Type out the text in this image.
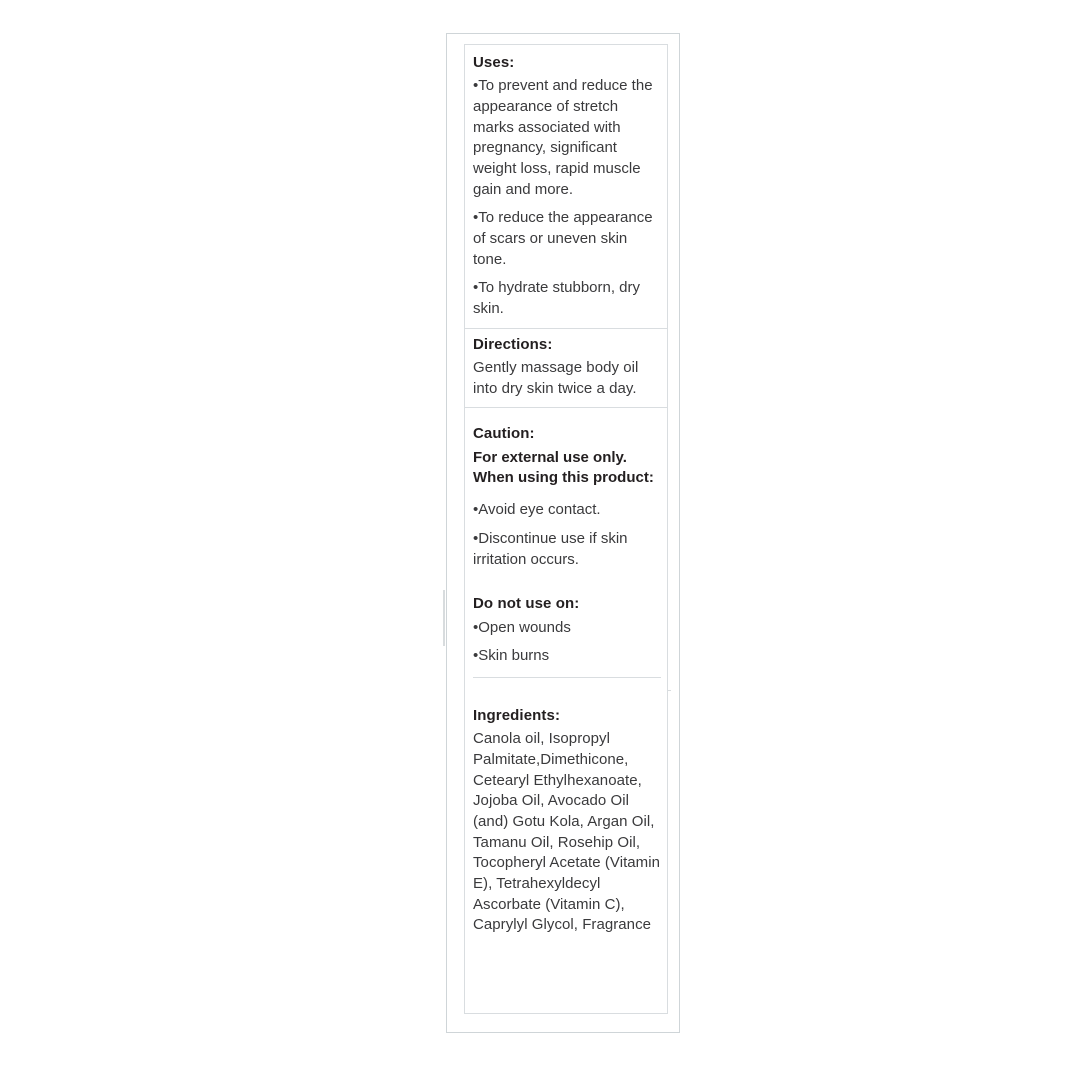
Uses:

•To prevent and reduce the appearance of stretch marks associated with pregnancy, significant weight loss, rapid muscle gain and more.

•To reduce the appearance of scars or uneven skin tone.

•To hydrate stubborn, dry skin.

Directions:

Gently massage body oil into dry skin twice a day.

Caution:
For external use only. When using this product:

•Avoid eye contact.

•Discontinue use if skin irritation occurs.

Do not use on:

•Open wounds

•Skin burns

Ingredients:

Canola oil, Isopropyl Palmitate,Dimethicone, Cetearyl Ethylhexanoate, Jojoba Oil, Avocado Oil (and) Gotu Kola, Argan Oil, Tamanu Oil, Rosehip Oil, Tocopheryl Acetate (Vitamin E), Tetrahexyldecyl Ascorbate (Vitamin C), Caprylyl Glycol, Fragrance
